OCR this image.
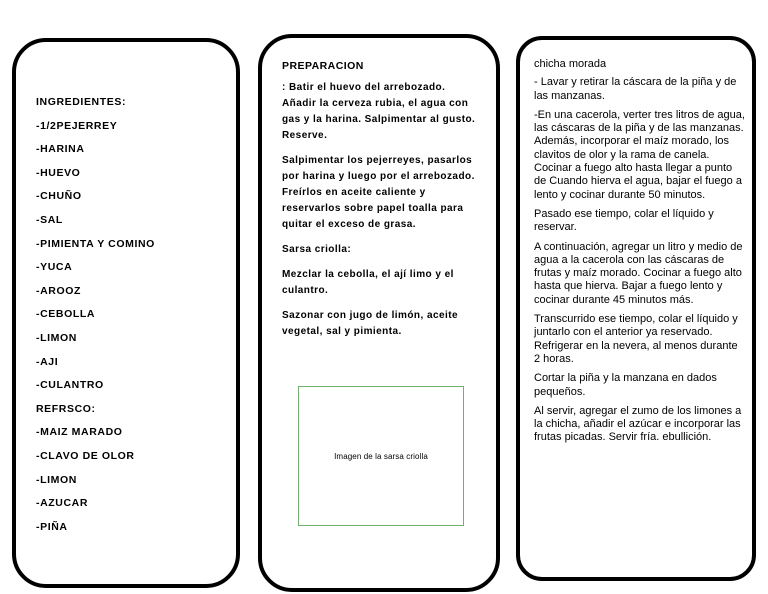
INGREDIENTES:
-1/2PEJERREY
-HARINA
-HUEVO
-CHUÑO
-SAL
-PIMIENTA Y COMINO
-YUCA
-AROOZ
-CEBOLLA
-LIMON
-AJI
-CULANTRO
REFRSCO:
-MAIZ MARADO
-CLAVO DE OLOR
-LIMON
-AZUCAR
-PIÑA
PREPARACION

: Batir el huevo del arrebozado. Añadir la cerveza rubia, el agua con gas y la harina. Salpimentar al gusto. Reserve.

Salpimentar los pejerreyes, pasarlos por harina y luego por el arrebozado. Freírlos en aceite caliente y reservarlos sobre papel toalla para quitar el exceso de grasa.

Sarsa criolla:

Mezclar la cebolla, el ají limo y el culantro.

Sazonar con jugo de limón, aceite vegetal, sal y pimienta.

Imagen de la sarsa criolla
chicha morada

- Lavar y retirar la cáscara de la piña y de las manzanas.

-En una cacerola, verter tres litros de agua, las cáscaras de la piña y de las manzanas. Además, incorporar el maíz morado, los clavitos de olor y la rama de canela. Cocinar a fuego alto hasta llegar a punto de Cuando hierva el agua, bajar el fuego a lento y cocinar durante 50 minutos.

Pasado ese tiempo, colar el líquido y reservar.

A continuación, agregar un litro y medio de agua a la cacerola con las cáscaras de frutas y maíz morado. Cocinar a fuego alto hasta que hierva. Bajar a fuego lento y cocinar durante 45 minutos más.

Transcurrido ese tiempo, colar el líquido y juntarlo con el anterior ya reservado. Refrigerar en la nevera, al menos durante 2 horas.

Cortar la piña y la manzana en dados pequeños.

Al servir, agregar el zumo de los limones a la chicha, añadir el azúcar e incorporar las frutas picadas. Servir fría. ebullición.
